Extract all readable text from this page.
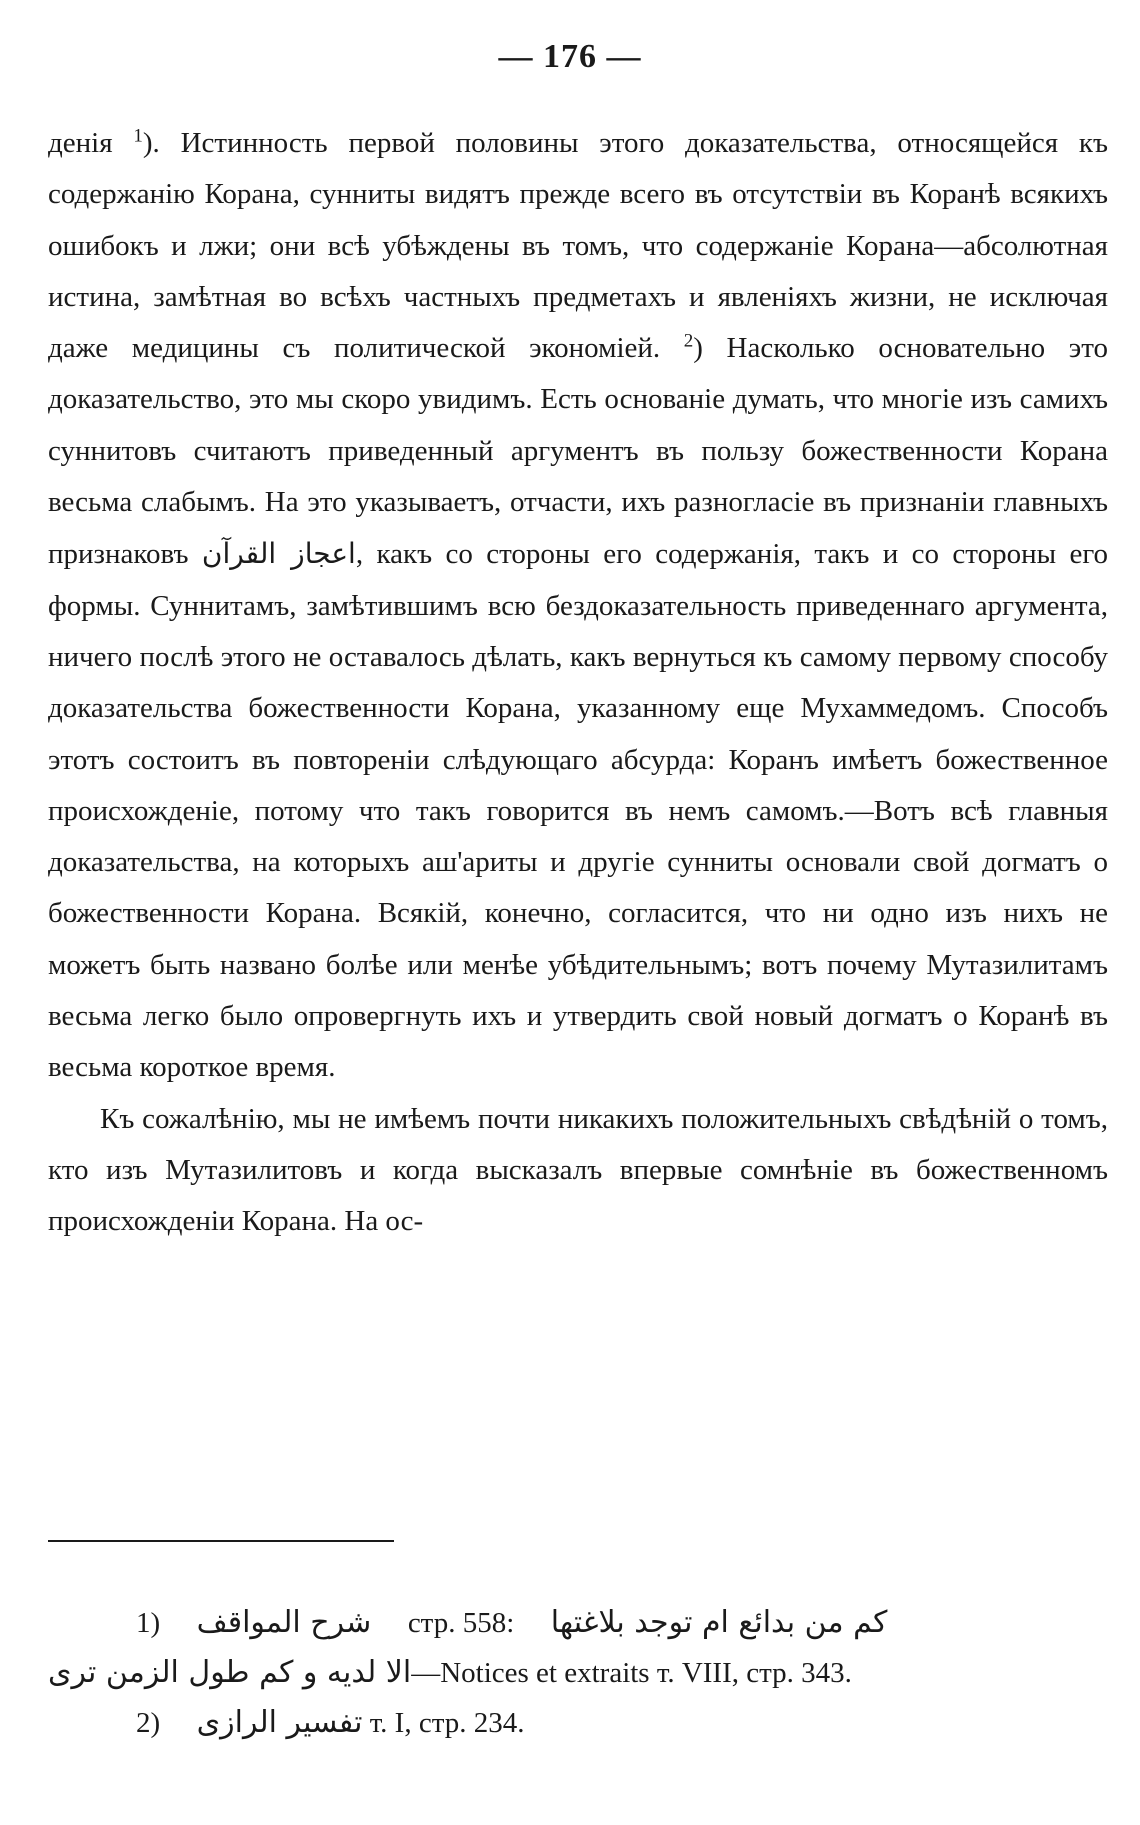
— 176 —

денія $^1$). Истинность первой половины этого доказательства, относящейся къ содержанію Корана, сунниты видятъ прежде всего въ отсутствіи въ Коранѣ всякихъ ошибокъ и лжи; они всѣ убѣждены въ томъ, что содержаніе Корана—абсолютная истина, замѣтная во всѣхъ частныхъ предметахъ и явленіяхъ жизни, не исключая даже медицины съ политической экономіей. $^2$) Насколько основательно это доказательство, это мы скоро увидимъ. Есть основаніе думать, что многіе изъ самихъ суннитовъ считаютъ приведенный аргументъ въ пользу божественности Корана весьма слабымъ. На это указываетъ, отчасти, ихъ разногласіе въ признаніи главныхъ признаковъ اعجاز القرآن, какъ со стороны его содержанія, такъ и со стороны его формы. Суннитамъ, замѣтившимъ всю бездоказательность приведеннаго аргумента, ничего послѣ этого не оставалось дѣлать, какъ вернуться къ самому первому способу доказательства божественности Корана, указанному еще Мухаммедомъ. Способъ этотъ состоитъ въ повтореніи слѣдующаго абсурда: Коранъ имѣетъ божественное происхожденіе, потому что такъ говорится въ немъ самомъ.—Вотъ всѣ главныя доказательства, на которыхъ аш'ариты и другіе сунниты основали свой догматъ о божественности Корана. Всякій, конечно, согласится, что ни одно изъ нихъ не можетъ быть названо болѣе или менѣе убѣдительнымъ; вотъ почему Мутазилитамъ весьма легко было опровергнуть ихъ и утвердить свой новый догматъ о Коранѣ въ весьма короткое время.

Къ сожалѣнію, мы не имѣемъ почти никакихъ положительныхъ свѣдѣній о томъ, кто изъ Мутазилитовъ и когда высказалъ впервые сомнѣніе въ божественномъ происхожденіи Корана. На ос-

1) شرح المواقف стр. 558: كم من بدائع ام توجد بلاغتها
الا لديه و كم طول الزمن ترى—Notices et extraits т. VIII, стр. 343.
2) تفسير الرازى т. I, стр. 234.
